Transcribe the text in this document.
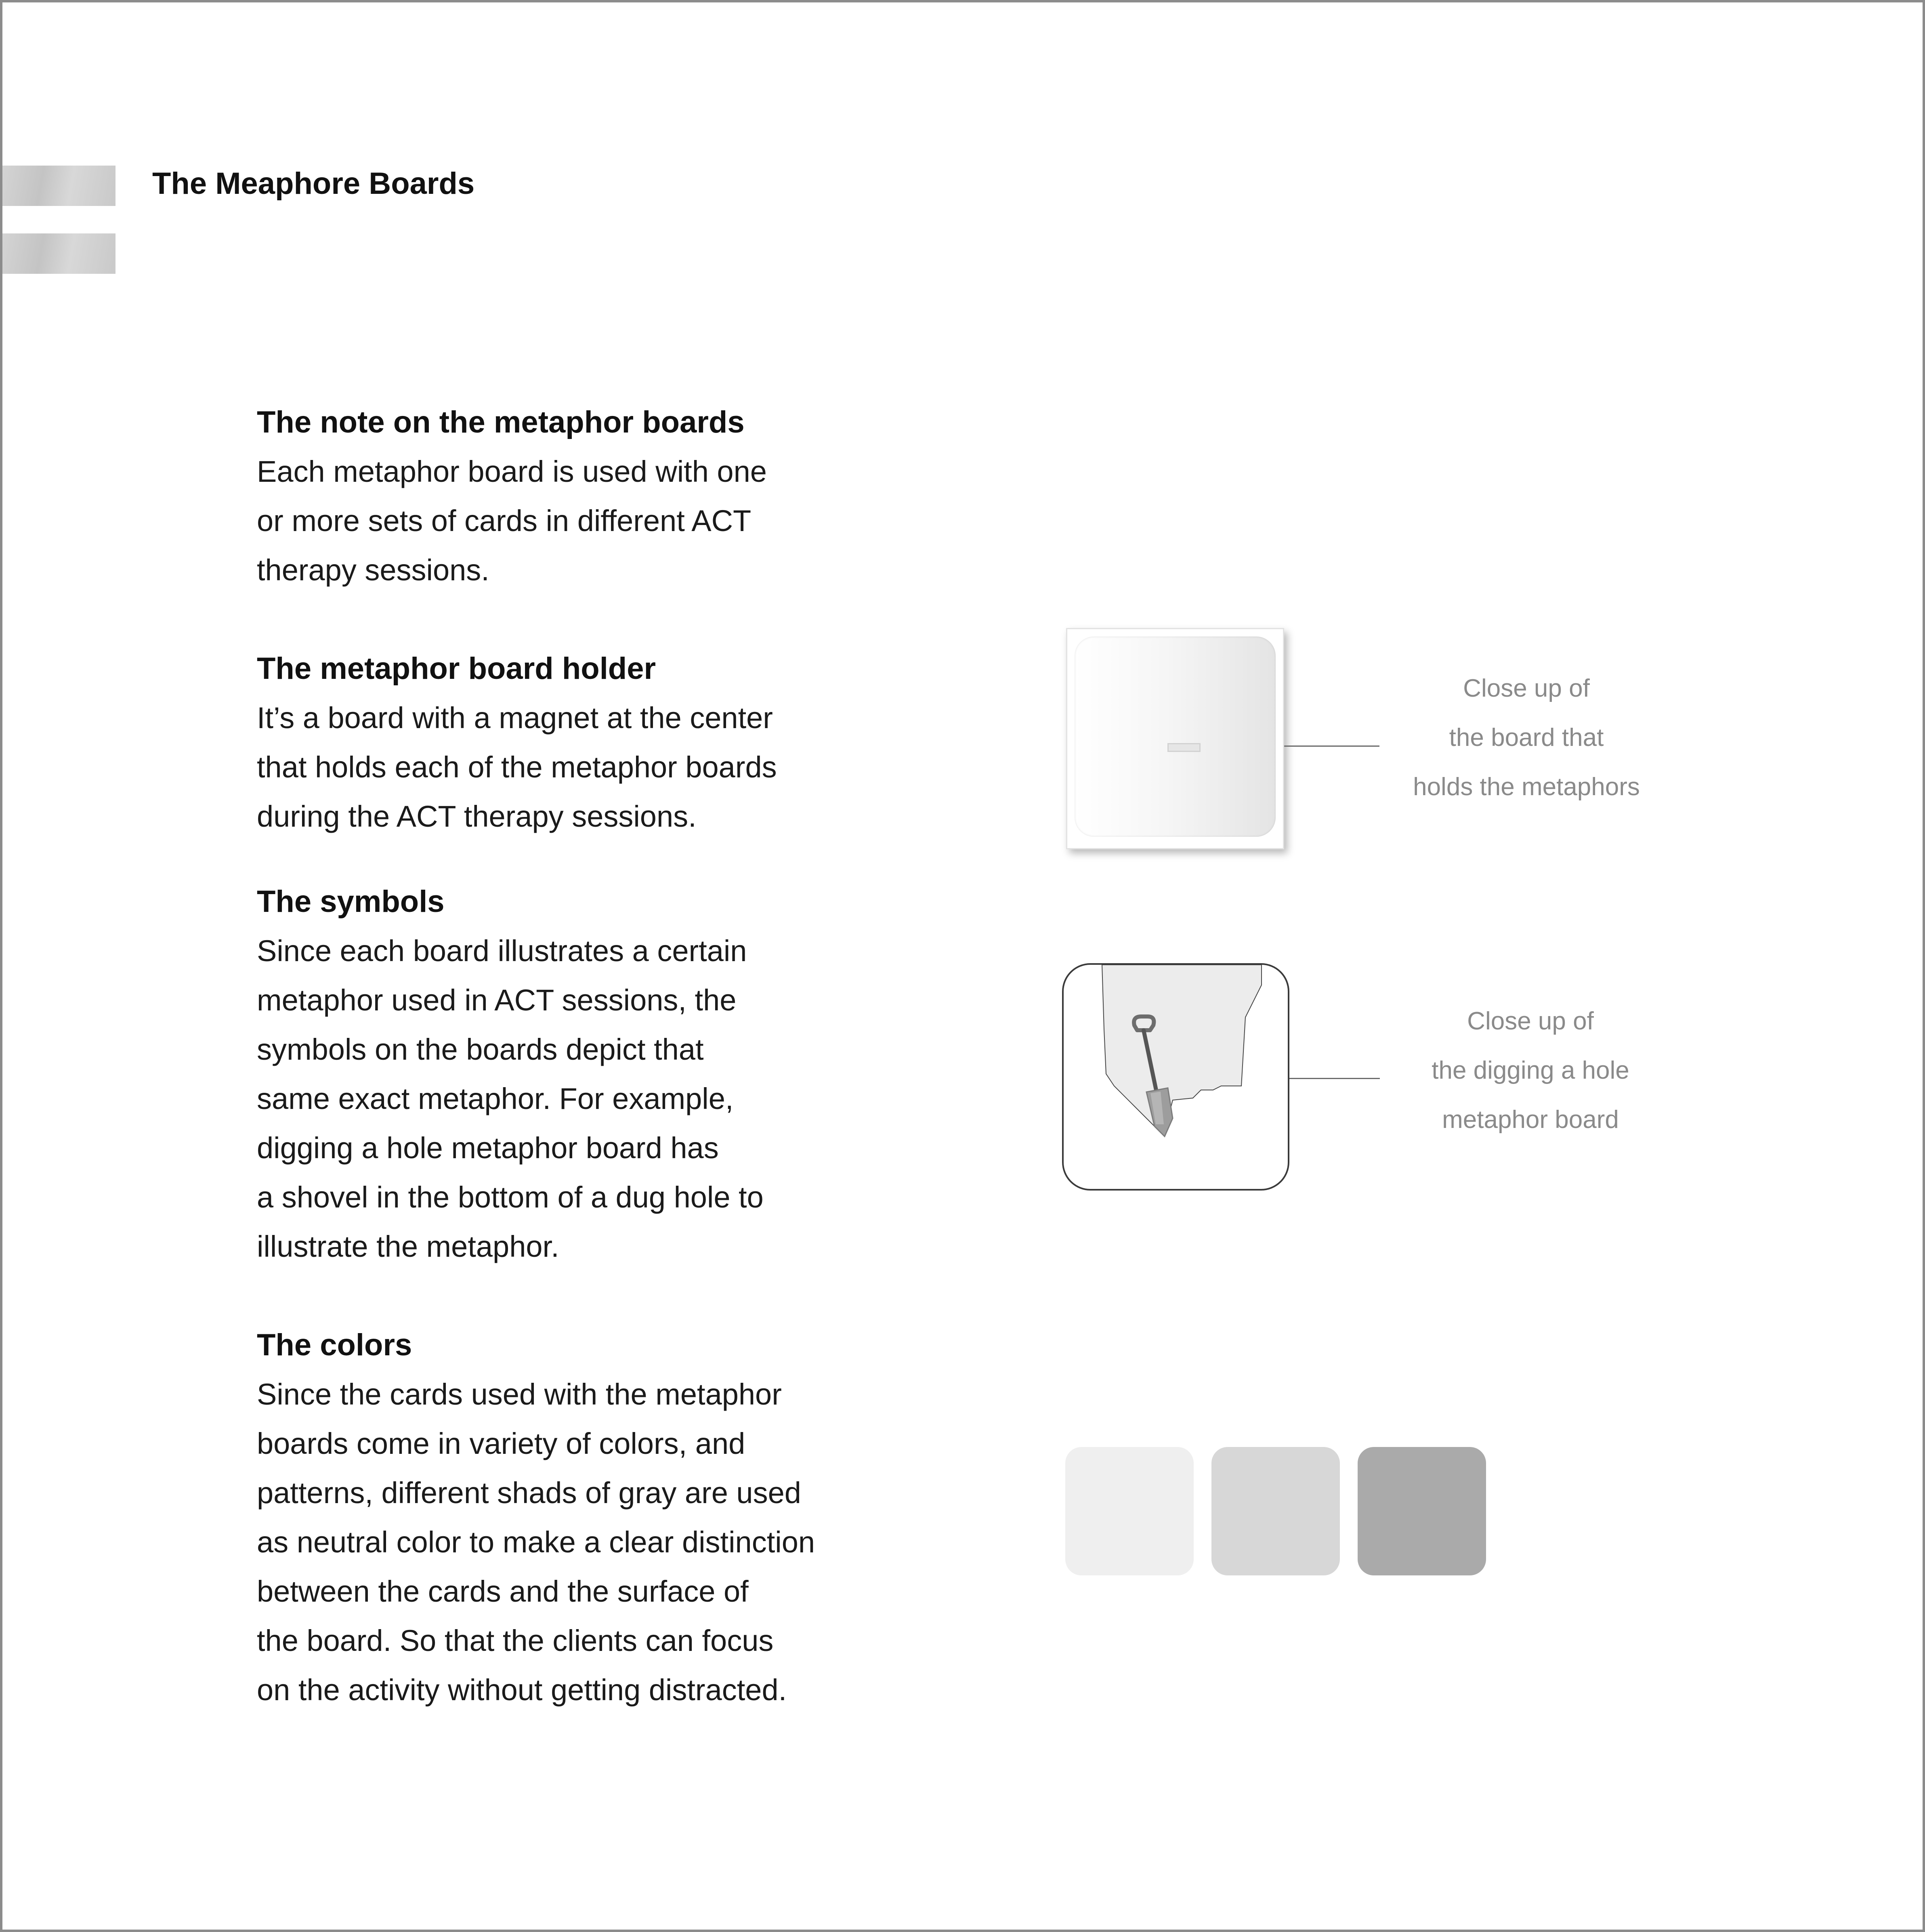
The Meaphore Boards
The note on the metaphor boards
Each metaphor board is used with one
or more sets of cards in different ACT
therapy sessions.
The metaphor board holder
It’s a board with a magnet at the center
that holds each of the metaphor boards
during the ACT therapy sessions.
The symbols
Since each board illustrates a certain
metaphor used in ACT sessions, the
symbols on the boards depict that
same exact metaphor. For example,
digging a hole metaphor board has
a shovel in the bottom of a dug hole to
illustrate the metaphor.
The colors
Since the cards used with the metaphor
boards come in variety of colors, and
patterns, different shads of gray are used
as neutral color to make a clear distinction
between the cards and the surface of
the board. So that the clients can focus
on the activity without getting distracted.
Close up of
the board that
holds the metaphors
Close up of
the digging a hole
metaphor board
